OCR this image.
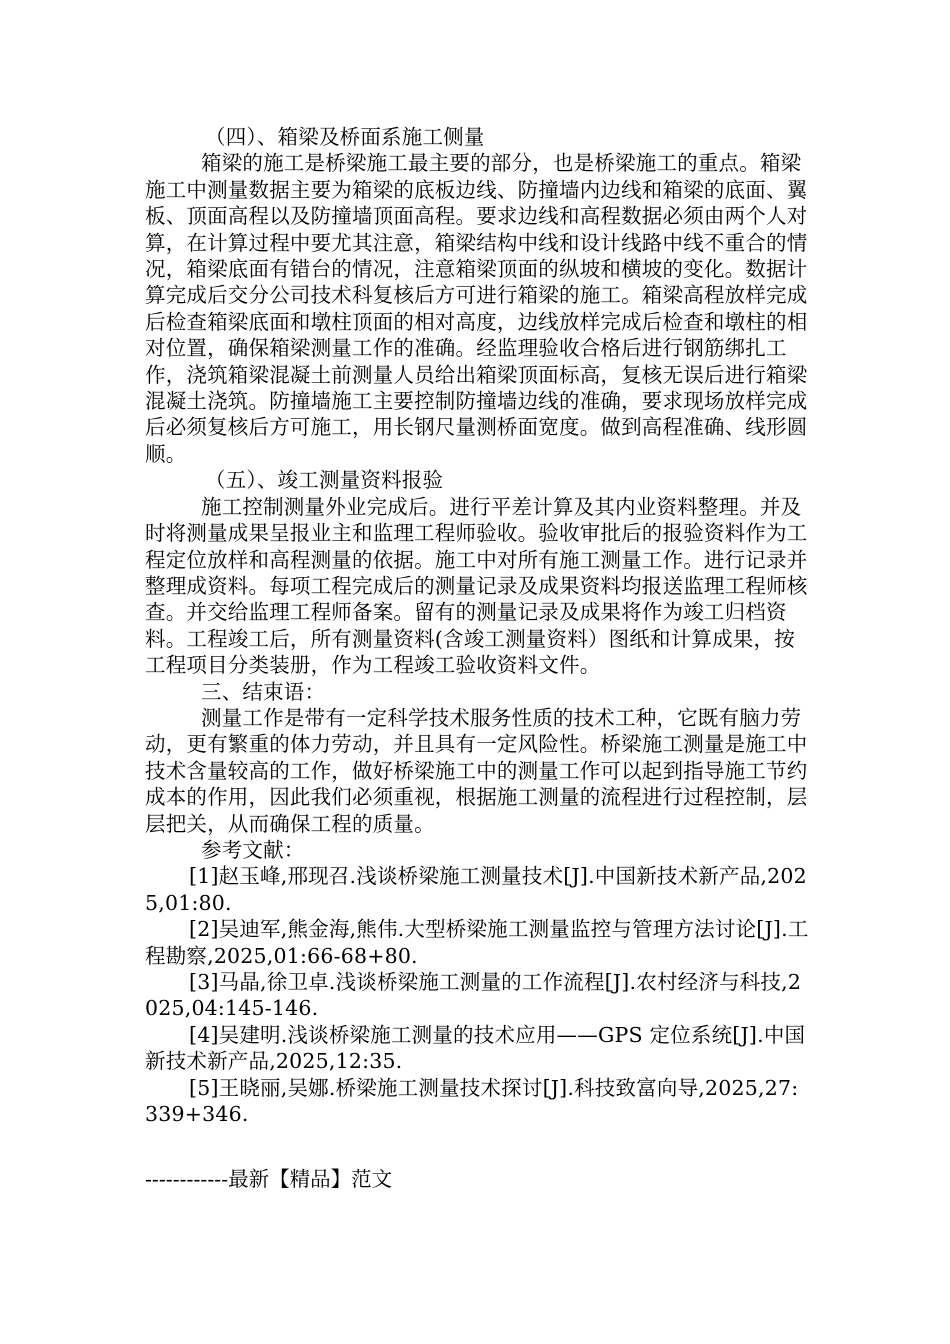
（四）、箱梁及桥面系施工侧量

箱梁的施工是桥梁施工最主要的部分，也是桥梁施工的重点。箱梁施工中测量数据主要为箱梁的底板边线、防撞墙内边线和箱梁的底面、翼板、顶面高程以及防撞墙顶面高程。要求边线和高程数据必须由两个人对算，在计算过程中要尤其注意，箱梁结构中线和设计线路中线不重合的情况，箱梁底面有错台的情况，注意箱梁顶面的纵坡和横坡的变化。数据计算完成后交分公司技术科复核后方可进行箱梁的施工。箱梁高程放样完成后检查箱梁底面和墩柱顶面的相对高度，边线放样完成后检查和墩柱的相对位置，确保箱梁测量工作的准确。经监理验收合格后进行钢筋绑扎工作，浇筑箱梁混凝土前测量人员给出箱梁顶面标高，复核无误后进行箱梁混凝土浇筑。防撞墙施工主要控制防撞墙边线的准确，要求现场放样完成后必须复核后方可施工，用长钢尺量测桥面宽度。做到高程准确、线形圆顺。

（五）、竣工测量资料报验

施工控制测量外业完成后。进行平差计算及其内业资料整理。并及时将测量成果呈报业主和监理工程师验收。验收审批后的报验资料作为工程定位放样和高程测量的依据。施工中对所有施工测量工作。进行记录并整理成资料。每项工程完成后的测量记录及成果资料均报送监理工程师核查。并交给监理工程师备案。留有的测量记录及成果将作为竣工归档资料。工程竣工后，所有测量资料(含竣工测量资料）图纸和计算成果，按工程项目分类装册，作为工程竣工验收资料文件。

三、结束语：

测量工作是带有一定科学技术服务性质的技术工种，它既有脑力劳动，更有繁重的体力劳动，并且具有一定风险性。桥梁施工测量是施工中技术含量较高的工作，做好桥梁施工中的测量工作可以起到指导施工节约成本的作用，因此我们必须重视，根据施工测量的流程进行过程控制，层层把关，从而确保工程的质量。

参考文献：

[1]赵玉峰,邢现召.浅谈桥梁施工测量技术[J].中国新技术新产品,2025,01:80.

[2]吴迪军,熊金海,熊伟.大型桥梁施工测量监控与管理方法讨论[J].工程勘察,2025,01:66-68+80.

[3]马晶,徐卫卓.浅谈桥梁施工测量的工作流程[J].农村经济与科技,2025,04:145-146.

[4]吴建明.浅谈桥梁施工测量的技术应用——GPS 定位系统[J].中国新技术新产品,2025,12:35.

[5]王晓丽,吴娜.桥梁施工测量技术探讨[J].科技致富向导,2025,27:339+346.

------------最新【精品】范文
